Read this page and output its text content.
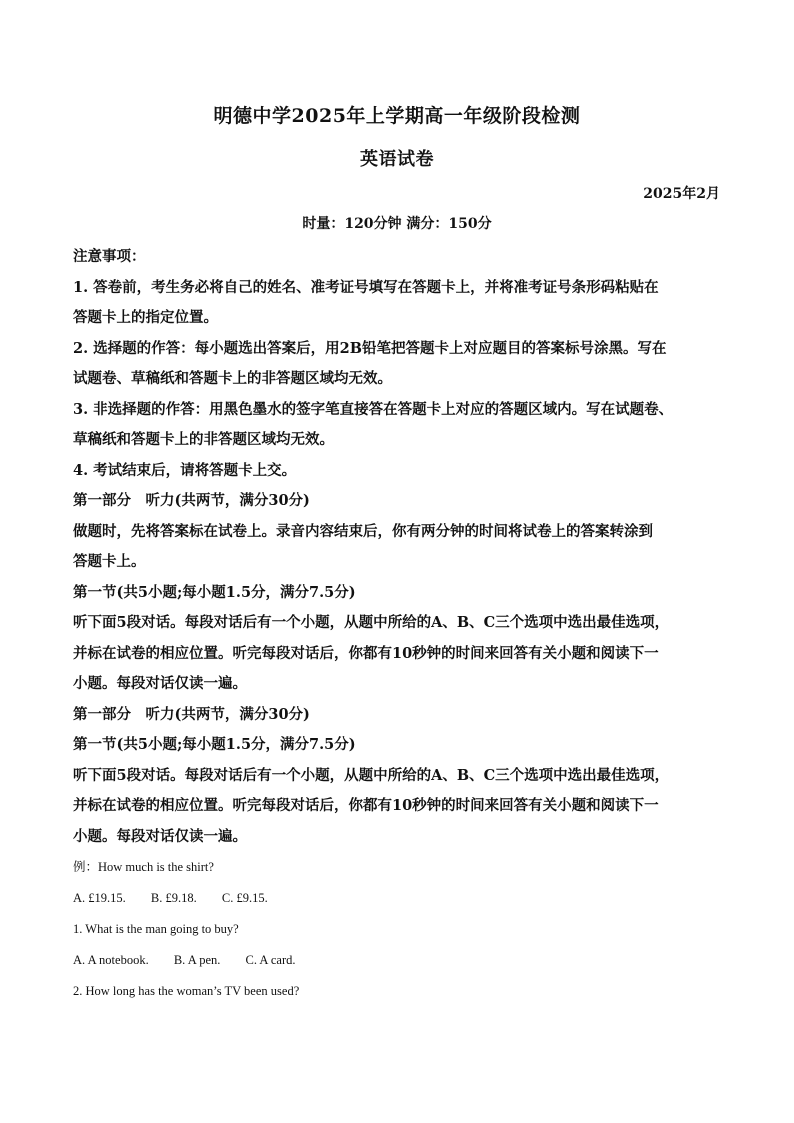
明德中学2025年上学期高一年级阶段检测
英语试卷
2025年2月
时量：120分钟 满分：150分
注意事项：
1. 答卷前，考生务必将自己的姓名、准考证号填写在答题卡上，并将准考证号条形码粘贴在
答题卡上的指定位置。
2. 选择题的作答：每小题选出答案后，用2B铅笔把答题卡上对应题目的答案标号涂黑。写在
试题卷、草稿纸和答题卡上的非答题区域均无效。
3. 非选择题的作答：用黑色墨水的签字笔直接答在答题卡上对应的答题区域内。写在试题卷、
草稿纸和答题卡上的非答题区域均无效。
4. 考试结束后，请将答题卡上交。
第一部分　听力(共两节，满分30分)
做题时，先将答案标在试卷上。录音内容结束后，你有两分钟的时间将试卷上的答案转涂到
答题卡上。
第一节(共5小题;每小题1.5分，满分7.5分)
听下面5段对话。每段对话后有一个小题，从题中所给的A、B、C三个选项中选出最佳选项，
并标在试卷的相应位置。听完每段对话后，你都有10秒钟的时间来回答有关小题和阅读下一
小题。每段对话仅读一遍。
第一部分　听力(共两节，满分30分)
第一节(共5小题;每小题1.5分，满分7.5分)
听下面5段对话。每段对话后有一个小题，从题中所给的A、B、C三个选项中选出最佳选项，
并标在试卷的相应位置。听完每段对话后，你都有10秒钟的时间来回答有关小题和阅读下一
小题。每段对话仅读一遍。
例：How much is the shirt?
A. £19.15. B. £9.18. C. £9.15.
1. What is the man going to buy?
A. A notebook. B. A pen. C. A card.
2. How long has the woman’s TV been used?
